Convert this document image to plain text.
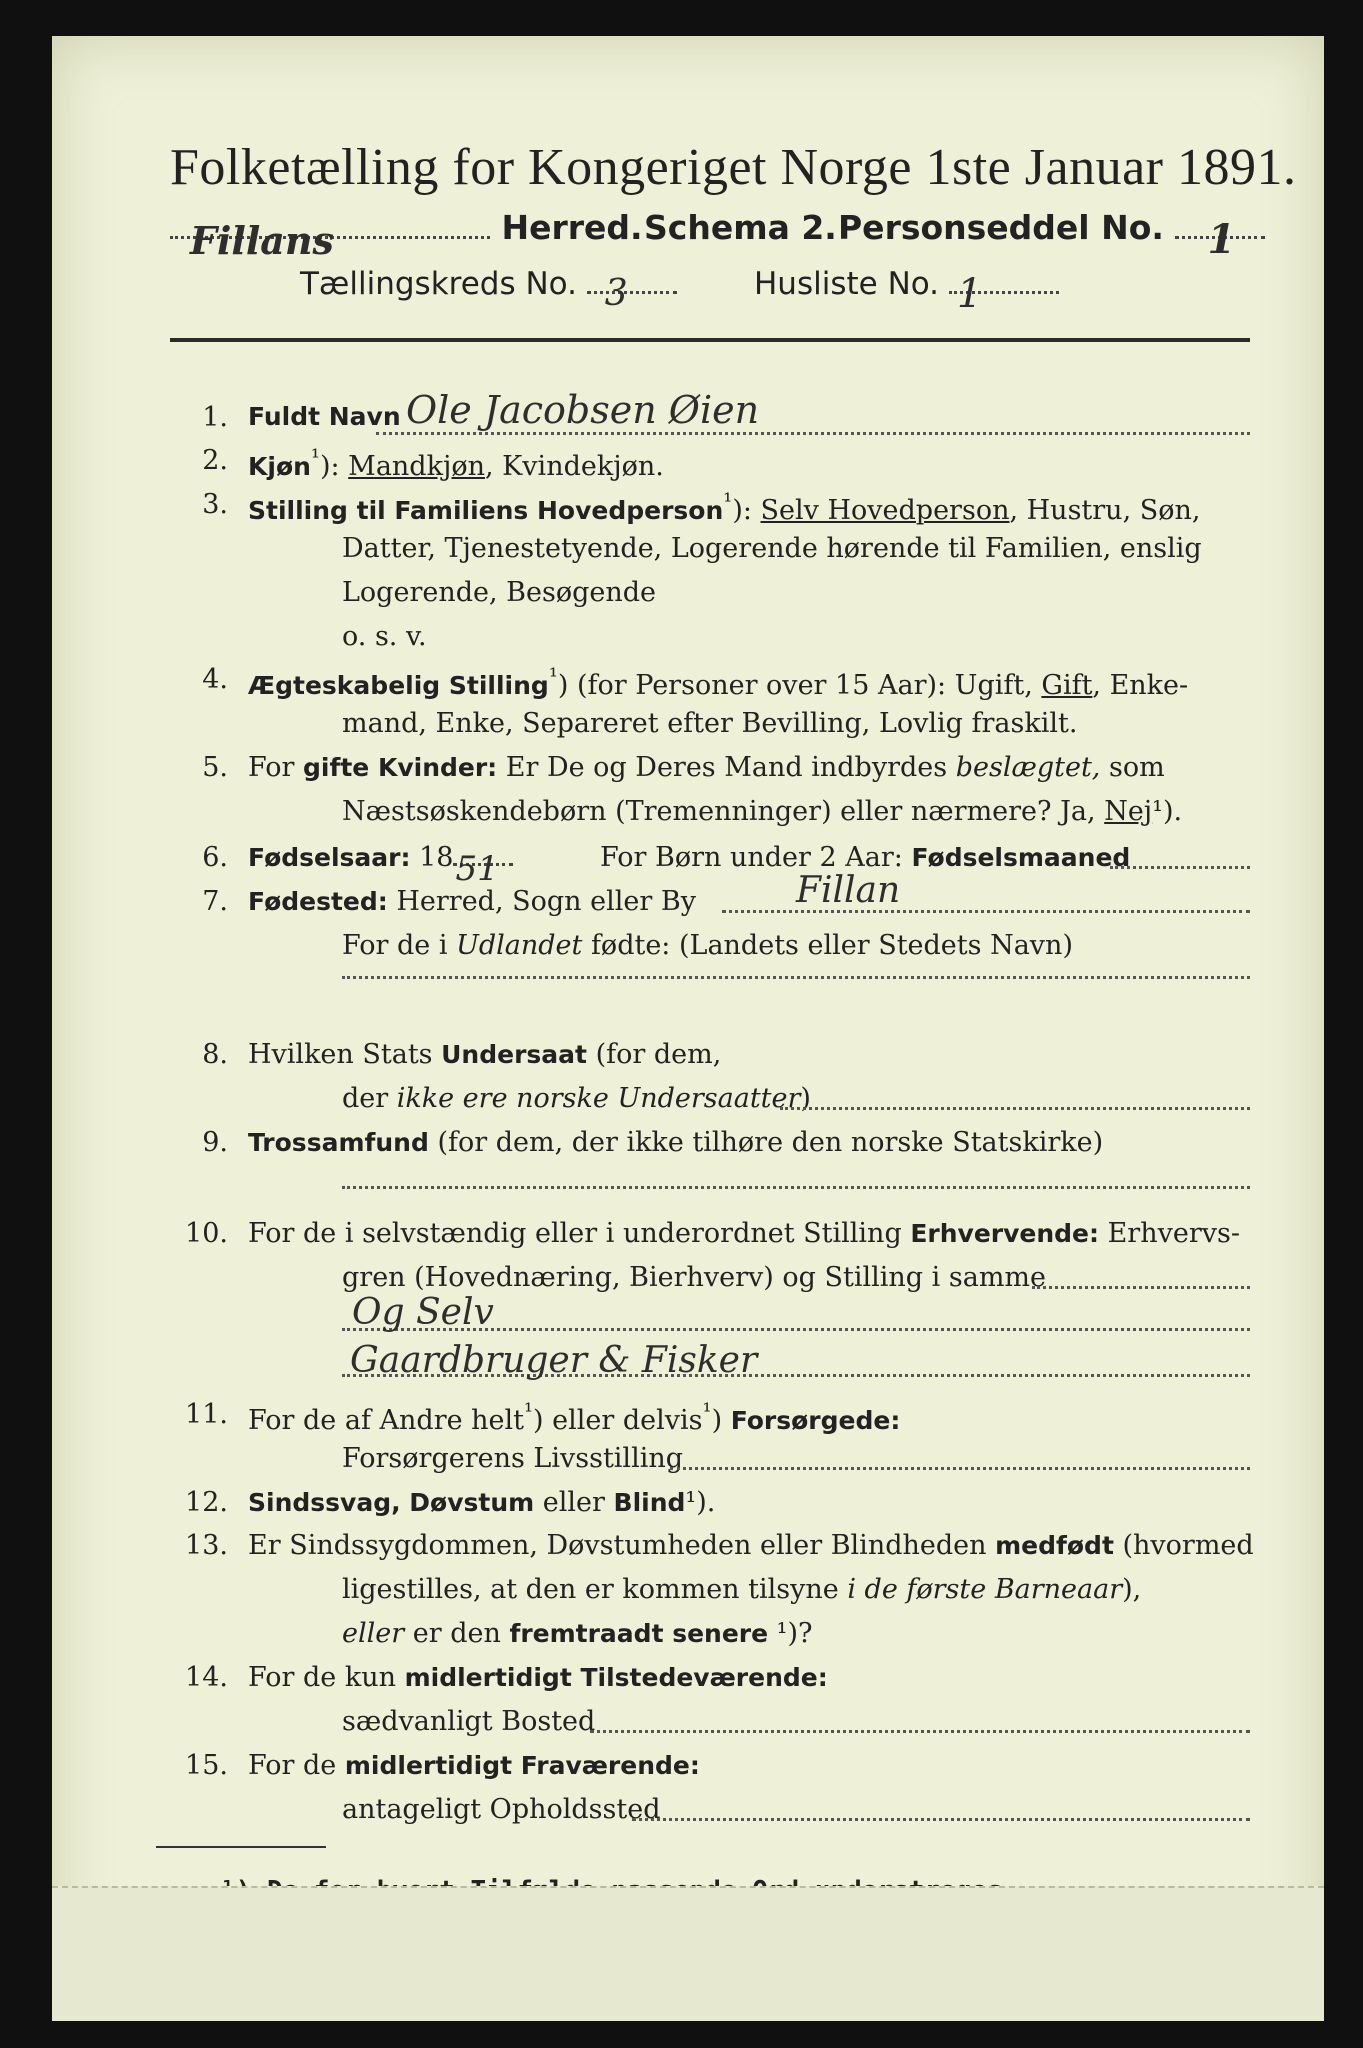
Folketælling for Kongeriget Norge 1ste Januar 1891.
Fillans	Herred. Schema 2. Personseddel No. 1
Tællingskreds No. 3	Husliste No. 1
1. Fuldt Navn Ole Jacobsen Øien
2. Kjøn$^{^1}$): Mandkjøn, Kvindekjøn.
3. Stilling til Familiens Hovedperson$^{^1}$): Selv Hovedperson, Hustru, Søn,
Datter, Tjenestetyende, Logerende hørende til Familien, enslig
Logerende, Besøgende
o. s. v.
4. Ægteskabelig Stilling$^{^1}$) (for Personer over 15 Aar): Ugift, Gift, Enke-
mand, Enke, Separeret efter Bevilling, Lovlig fraskilt.
5. For gifte Kvinder: Er De og Deres Mand indbyrdes beslægtet, som
Næstsøskendebørn (Tremenninger) eller nærmere? Ja, Nej¹).
6. Fødselsaar: 18 51	For Børn under 2 Aar: Fødselsmaaned
7. Fødested: Herred, Sogn eller By	Fillan
For de i Udlandet fødte: (Landets eller Stedets Navn)
8. Hvilken Stats Undersaat (for dem,
der ikke ere norske Undersaatter)
9. Trossamfund (for dem, der ikke tilhøre den norske Statskirke)
10. For de i selvstændig eller i underordnet Stilling Erhvervende: Erhvervs-
gren (Hovednæring, Bierhverv) og Stilling i samme
Og Selv
Gaardbruger & Fisker
11. For de af Andre helt$^{^1}$) eller delvis$^{^1}$) Forsørgede:
Forsørgerens Livsstilling
12. Sindssvag, Døvstum eller Blind¹).
13. Er Sindssygdommen, Døvstumheden eller Blindheden medfødt (hvormed
ligestilles, at den er kommen tilsyne i de første Barneaar),
eller er den fremtraadt senere ¹)?
14. For de kun midlertidigt Tilstedeværende:
sædvanligt Bosted
15. For de midlertidigt Fraværende:
antageligt Opholdssted
